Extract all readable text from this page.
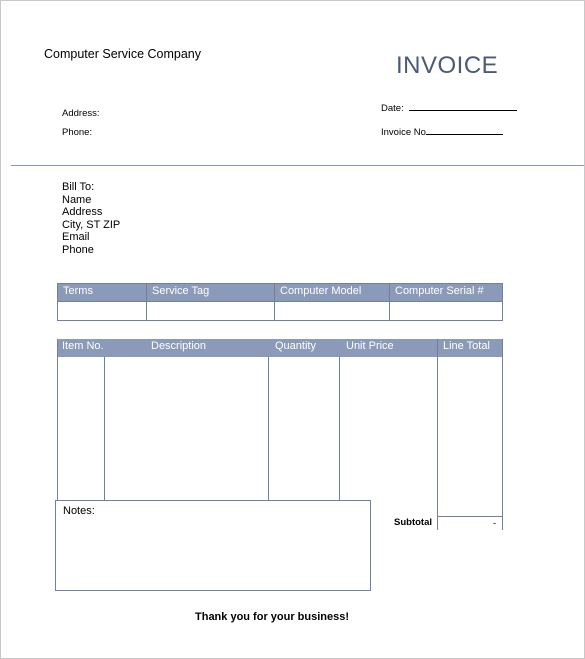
Computer Service Company	INVOICE
Address:
Phone:
Date:
Invoice No
Bill To:
Name
Address
City, ST ZIP
Email
Phone
Terms	Service Tag	Computer Model	Computer Serial #

Item No.	Description	Quantity	Unit Price	Line Total
Notes:
Subtotal	-
Thank you for your business!
